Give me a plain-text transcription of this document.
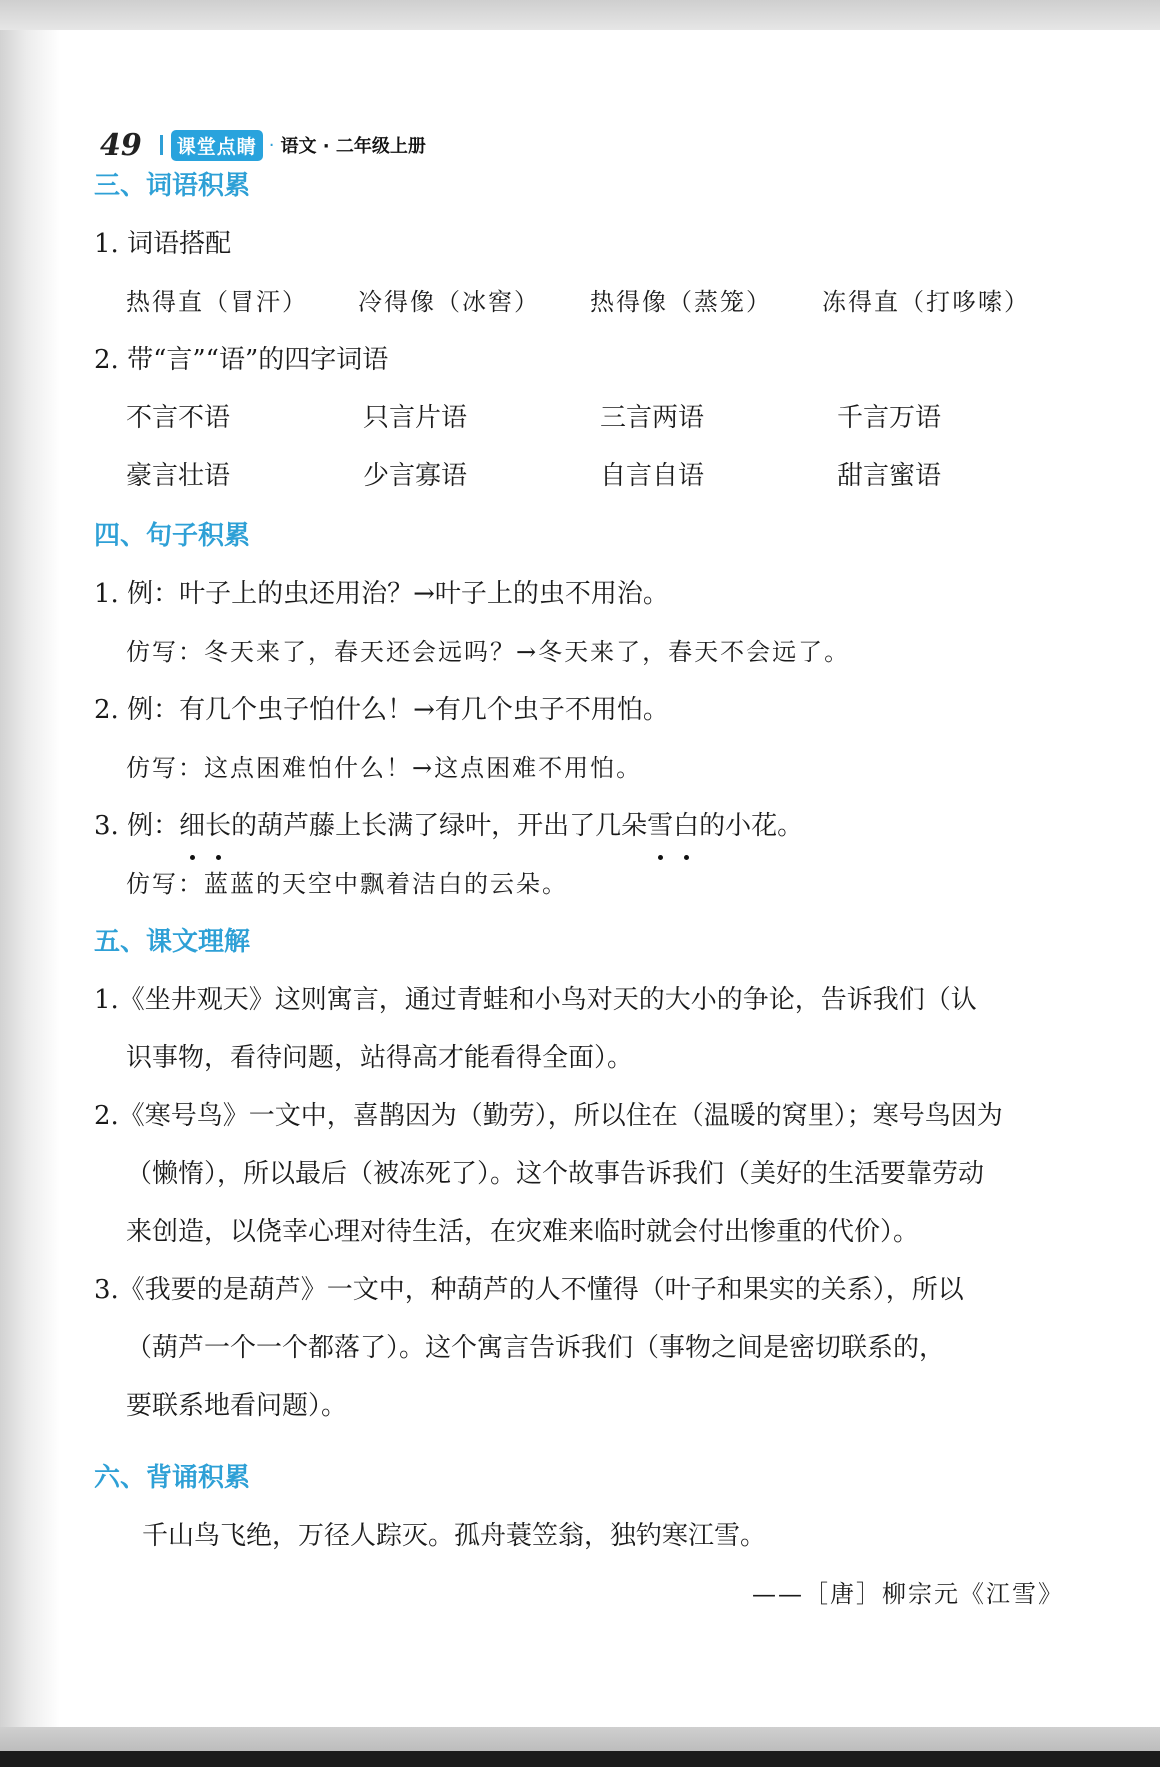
49	课堂点睛 · 语文 · 二年级上册
三、词语积累
1. 词语搭配
热得直（冒汗） 冷得像（冰窖） 热得像（蒸笼） 冻得直（打哆嗦）
2. 带“言”“语”的四字词语
不言不语	只言片语	三言两语	千言万语
豪言壮语	少言寡语	自言自语	甜言蜜语
四、句子积累
1. 例：叶子上的虫还用治？→叶子上的虫不用治。
仿写：冬天来了，春天还会远吗？→冬天来了，春天不会远了。
2. 例：有几个虫子怕什么！→有几个虫子不用怕。
仿写：这点困难怕什么！→这点困难不用怕。
3. 例：细长的葫芦藤上长满了绿叶，开出了几朵雪白的小花。
仿写：蓝蓝的天空中飘着洁白的云朵。
五、课文理解
1.《坐井观天》这则寓言，通过青蛙和小鸟对天的大小的争论，告诉我们（认
识事物，看待问题，站得高才能看得全面）。
2.《寒号鸟》一文中，喜鹊因为（勤劳），所以住在（温暖的窝里）；寒号鸟因为
（懒惰），所以最后（被冻死了）。这个故事告诉我们（美好的生活要靠劳动
来创造，以侥幸心理对待生活，在灾难来临时就会付出惨重的代价）。
3.《我要的是葫芦》一文中，种葫芦的人不懂得（叶子和果实的关系），所以
（葫芦一个一个都落了）。这个寓言告诉我们（事物之间是密切联系的，
要联系地看问题）。
六、背诵积累
千山鸟飞绝，万径人踪灭。孤舟蓑笠翁，独钓寒江雪。
——［唐］柳宗元《江雪》
